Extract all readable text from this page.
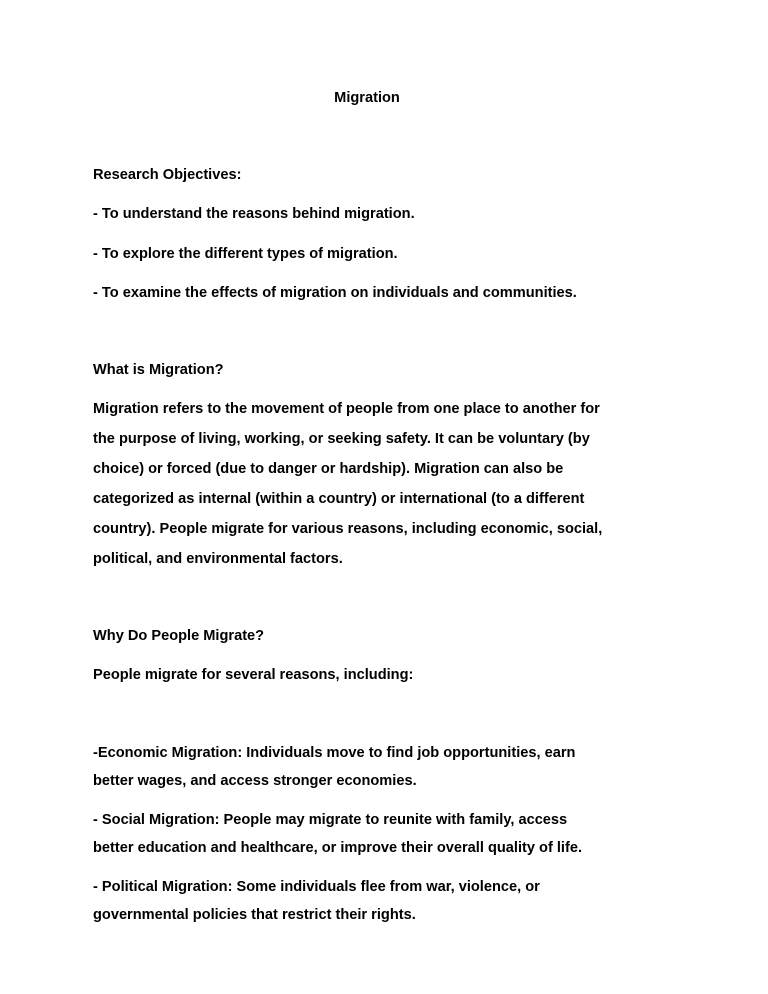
Migration
Research Objectives:
- To understand the reasons behind migration.
- To explore the different types of migration.
- To examine the effects of migration on individuals and communities.
What is Migration?
Migration refers to the movement of people from one place to another for
the purpose of living, working, or seeking safety. It can be voluntary (by
choice) or forced (due to danger or hardship). Migration can also be
categorized as internal (within a country) or international (to a different
country). People migrate for various reasons, including economic, social,
political, and environmental factors.
Why Do People Migrate?
People migrate for several reasons, including:
-Economic Migration: Individuals move to find job opportunities, earn
better wages, and access stronger economies.
- Social Migration: People may migrate to reunite with family, access
better education and healthcare, or improve their overall quality of life.
- Political Migration: Some individuals flee from war, violence, or
governmental policies that restrict their rights.
